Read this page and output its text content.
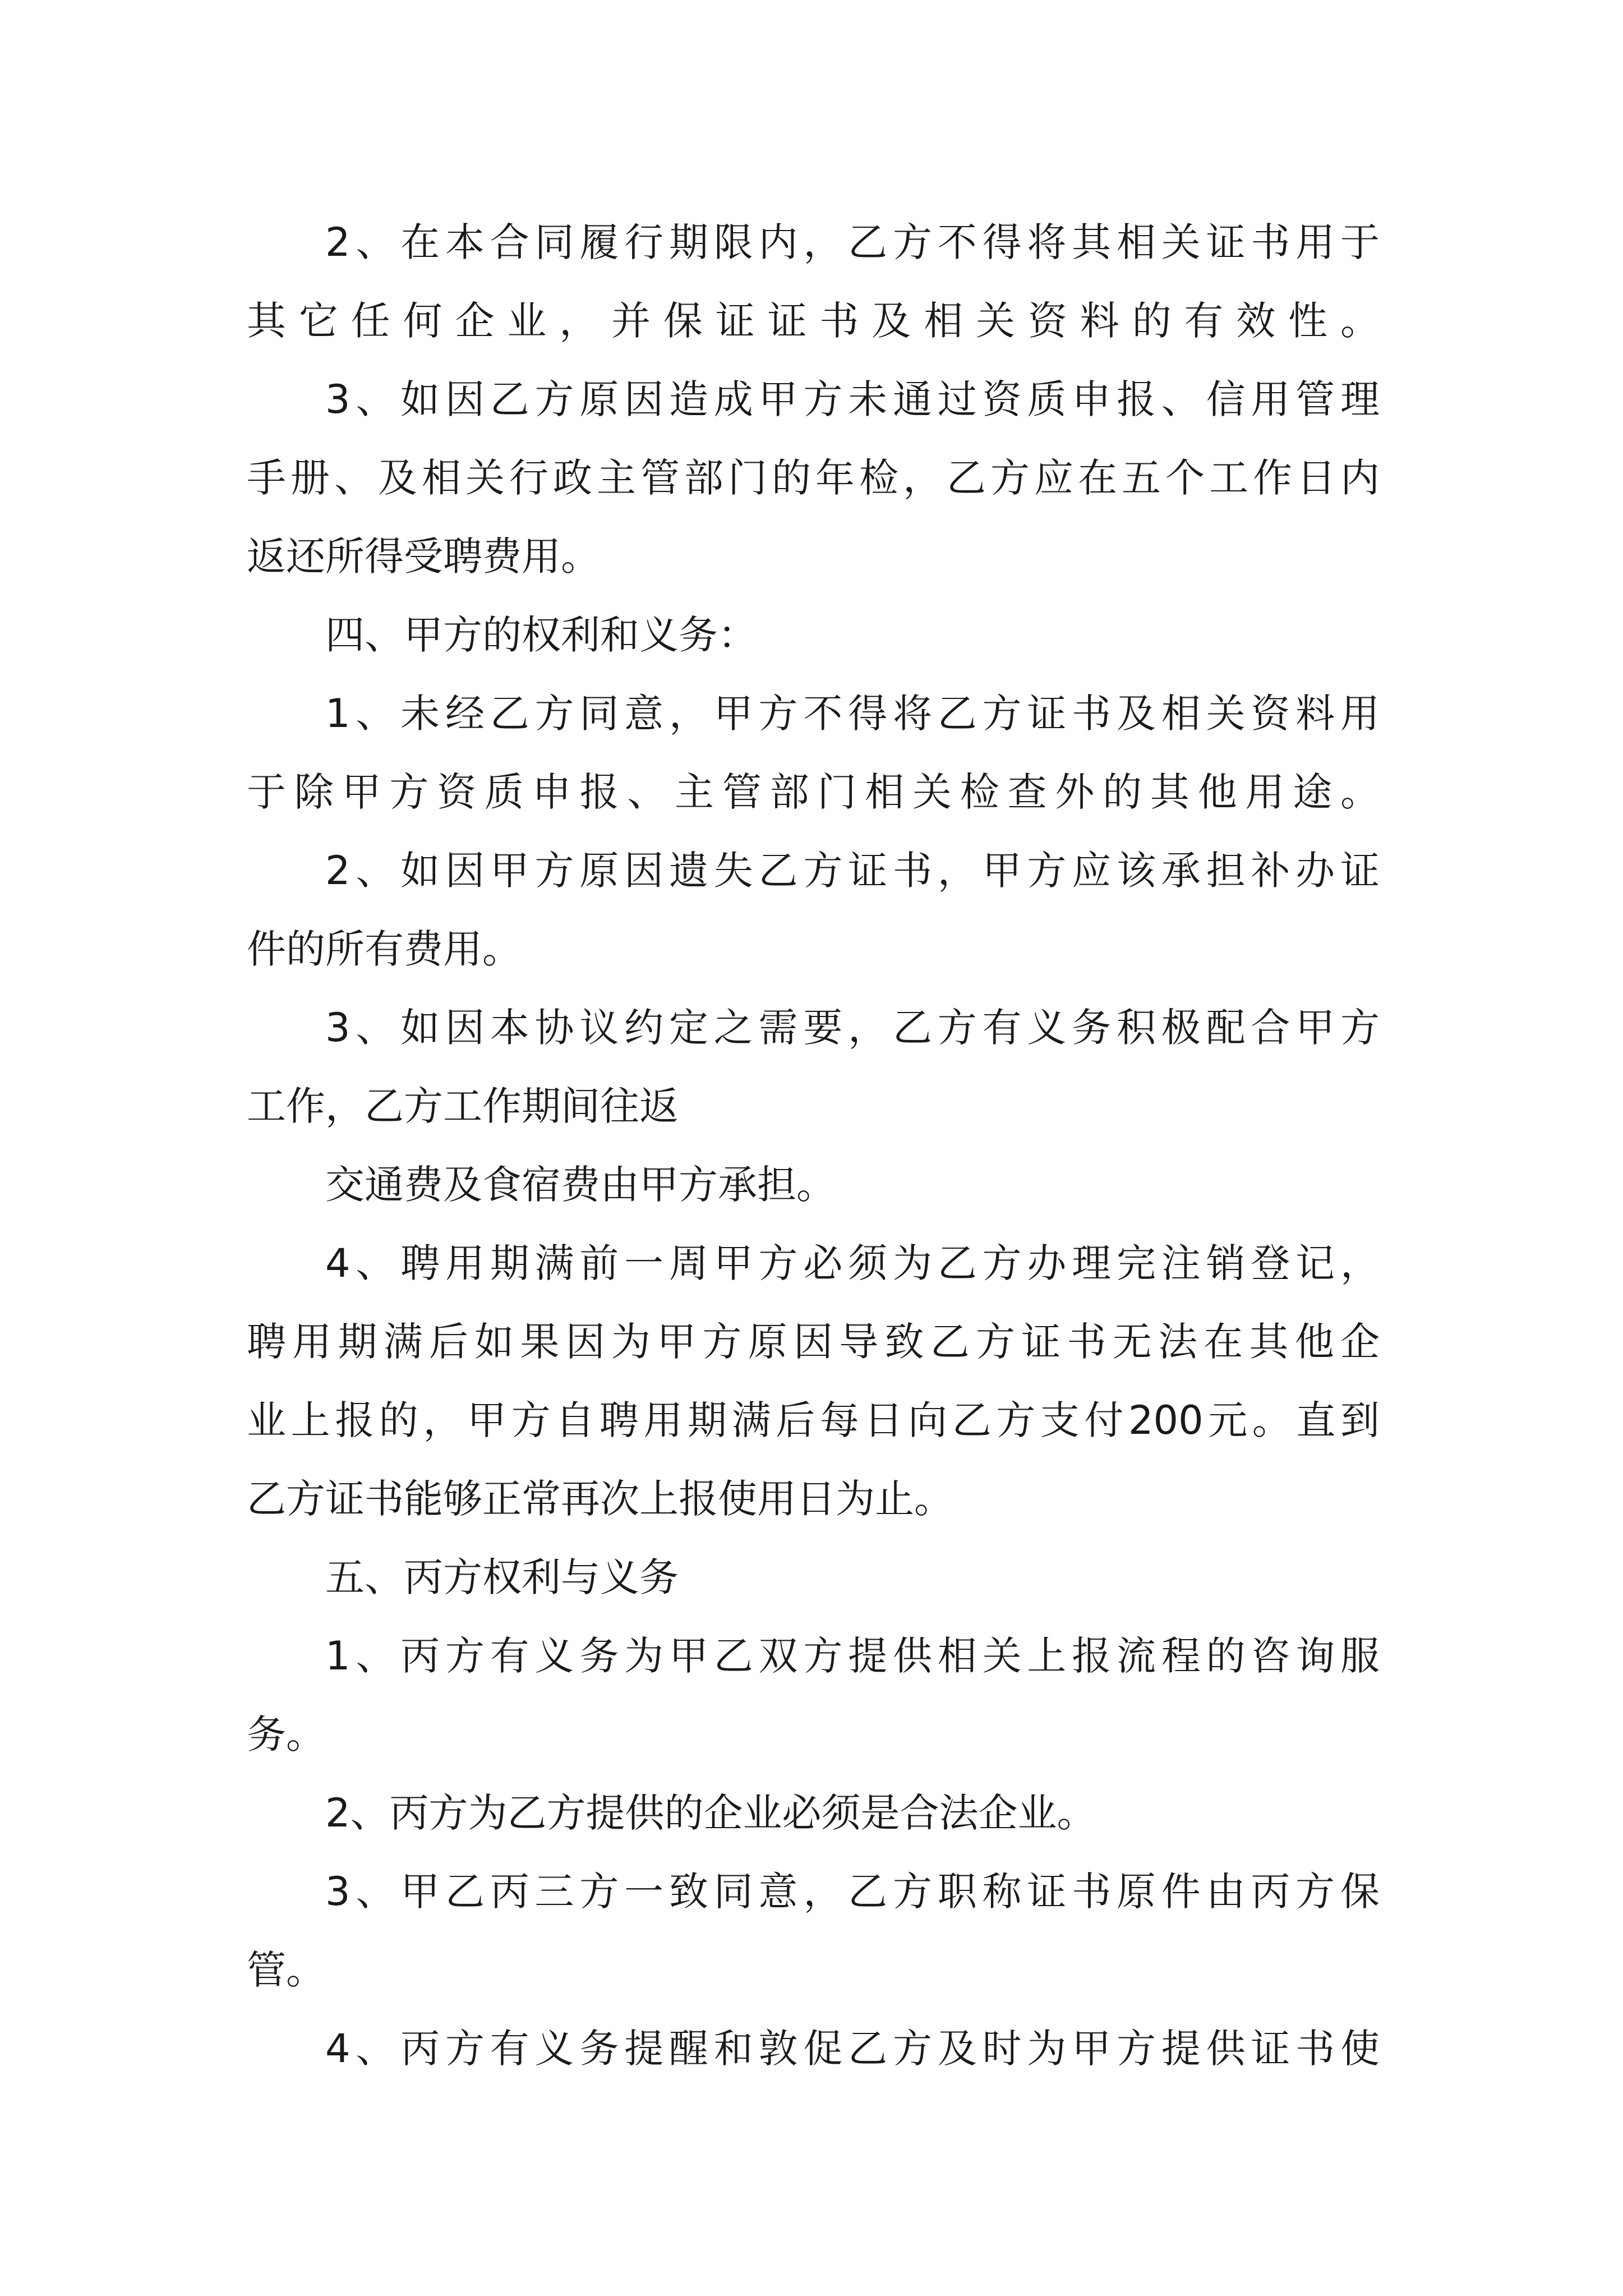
2、在本合同履行期限内，乙方不得将其相关证书用于

其它任何企业，并保证证书及相关资料的有效性。

3、如因乙方原因造成甲方未通过资质申报、信用管理

手册、及相关行政主管部门的年检，乙方应在五个工作日内

返还所得受聘费用。

四、甲方的权利和义务：

1、未经乙方同意，甲方不得将乙方证书及相关资料用

于除甲方资质申报、主管部门相关检查外的其他用途。

2、如因甲方原因遗失乙方证书，甲方应该承担补办证

件的所有费用。

3、如因本协议约定之需要，乙方有义务积极配合甲方

工作，乙方工作期间往返

交通费及食宿费由甲方承担。

4、聘用期满前一周甲方必须为乙方办理完注销登记，

聘用期满后如果因为甲方原因导致乙方证书无法在其他企

业上报的，甲方自聘用期满后每日向乙方支付200元。直到

乙方证书能够正常再次上报使用日为止。

五、丙方权利与义务

1、丙方有义务为甲乙双方提供相关上报流程的咨询服

务。

2、丙方为乙方提供的企业必须是合法企业。

3、甲乙丙三方一致同意，乙方职称证书原件由丙方保

管。

4、丙方有义务提醒和敦促乙方及时为甲方提供证书使
